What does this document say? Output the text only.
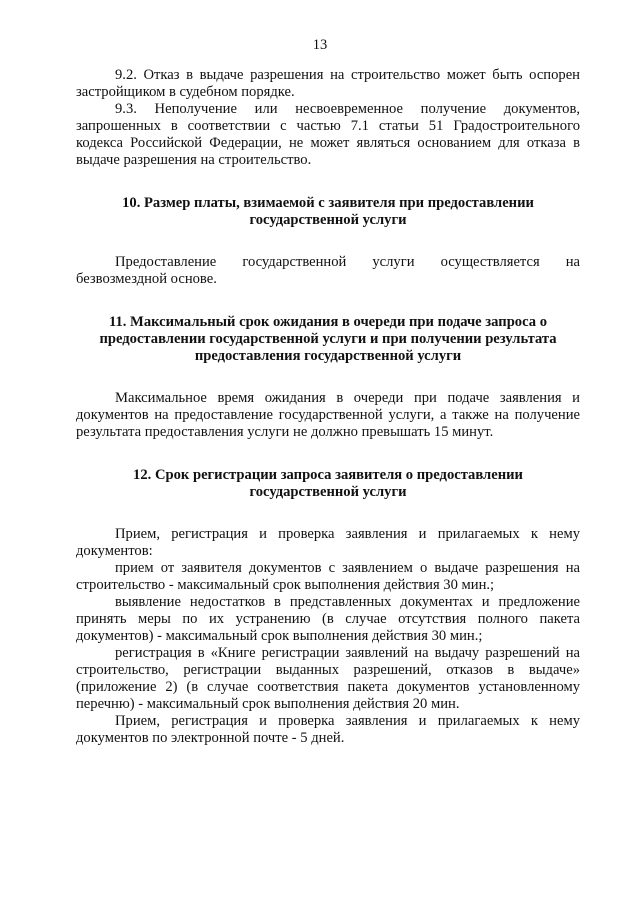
13

9.2. Отказ в выдаче разрешения на строительство может быть оспорен застройщиком в судебном порядке.

9.3. Неполучение или несвоевременное получение документов, запрошенных в соответствии с частью 7.1 статьи 51 Градостроительного кодекса Российской Федерации, не может являться основанием для отказа в выдаче разрешения на строительство.

10. Размер платы, взимаемой с заявителя при предоставлении государственной услуги

Предоставление государственной услуги осуществляется на безвозмездной основе.

11. Максимальный срок ожидания в очереди при подаче запроса о предоставлении государственной услуги и при получении результата предоставления государственной услуги

Максимальное время ожидания в очереди при подаче заявления и документов на предоставление государственной услуги, а также на получение результата предоставления услуги не должно превышать 15 минут.

12. Срок регистрации запроса заявителя о предоставлении государственной услуги

Прием, регистрация и проверка заявления и прилагаемых к нему документов:

прием от заявителя документов с заявлением о выдаче разрешения на строительство - максимальный срок выполнения действия 30 мин.;

выявление недостатков в представленных документах и предложение принять меры по их устранению (в случае отсутствия полного пакета документов) - максимальный срок выполнения действия 30 мин.;

регистрация в «Книге регистрации заявлений на выдачу разрешений на строительство, регистрации выданных разрешений, отказов в выдаче» (приложение 2) (в случае соответствия пакета документов установленному перечню) - максимальный срок выполнения действия 20 мин.

Прием, регистрация и проверка заявления и прилагаемых к нему документов по электронной почте - 5 дней.
